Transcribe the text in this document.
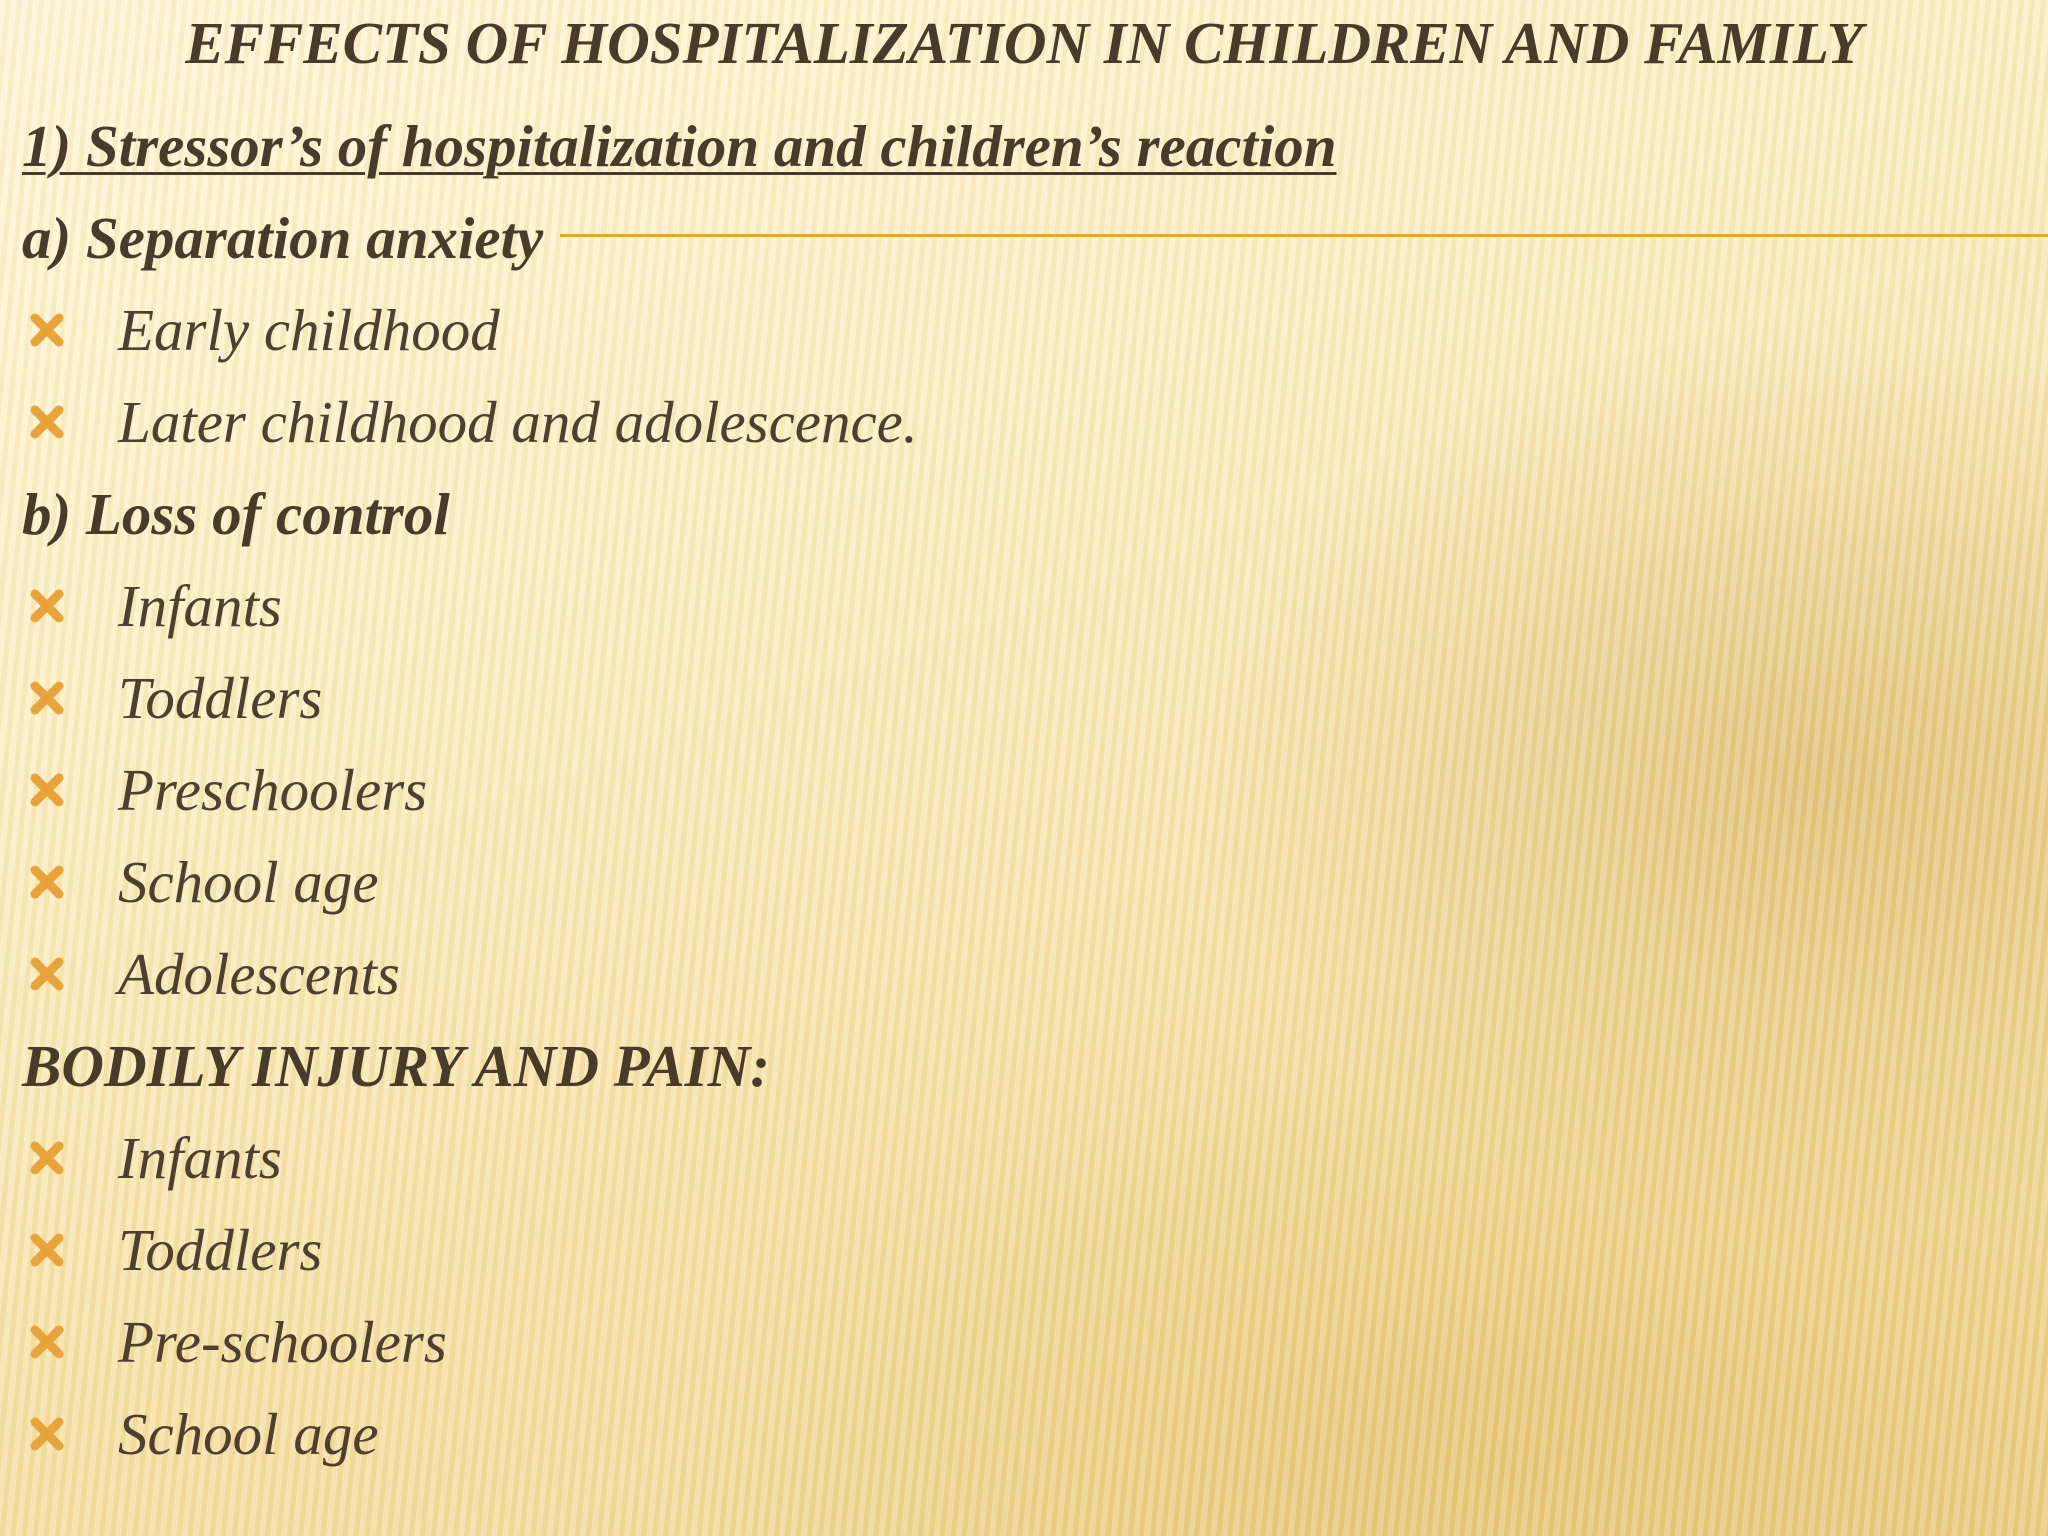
EFFECTS OF HOSPITALIZATION IN CHILDREN AND FAMILY
1) Stressor’s of hospitalization and children’s reaction
a) Separation anxiety
Early childhood
Later childhood and adolescence.
b) Loss of control
Infants
Toddlers
Preschoolers
School age
Adolescents
BODILY INJURY AND PAIN:
Infants
Toddlers
Pre-schoolers
School age
